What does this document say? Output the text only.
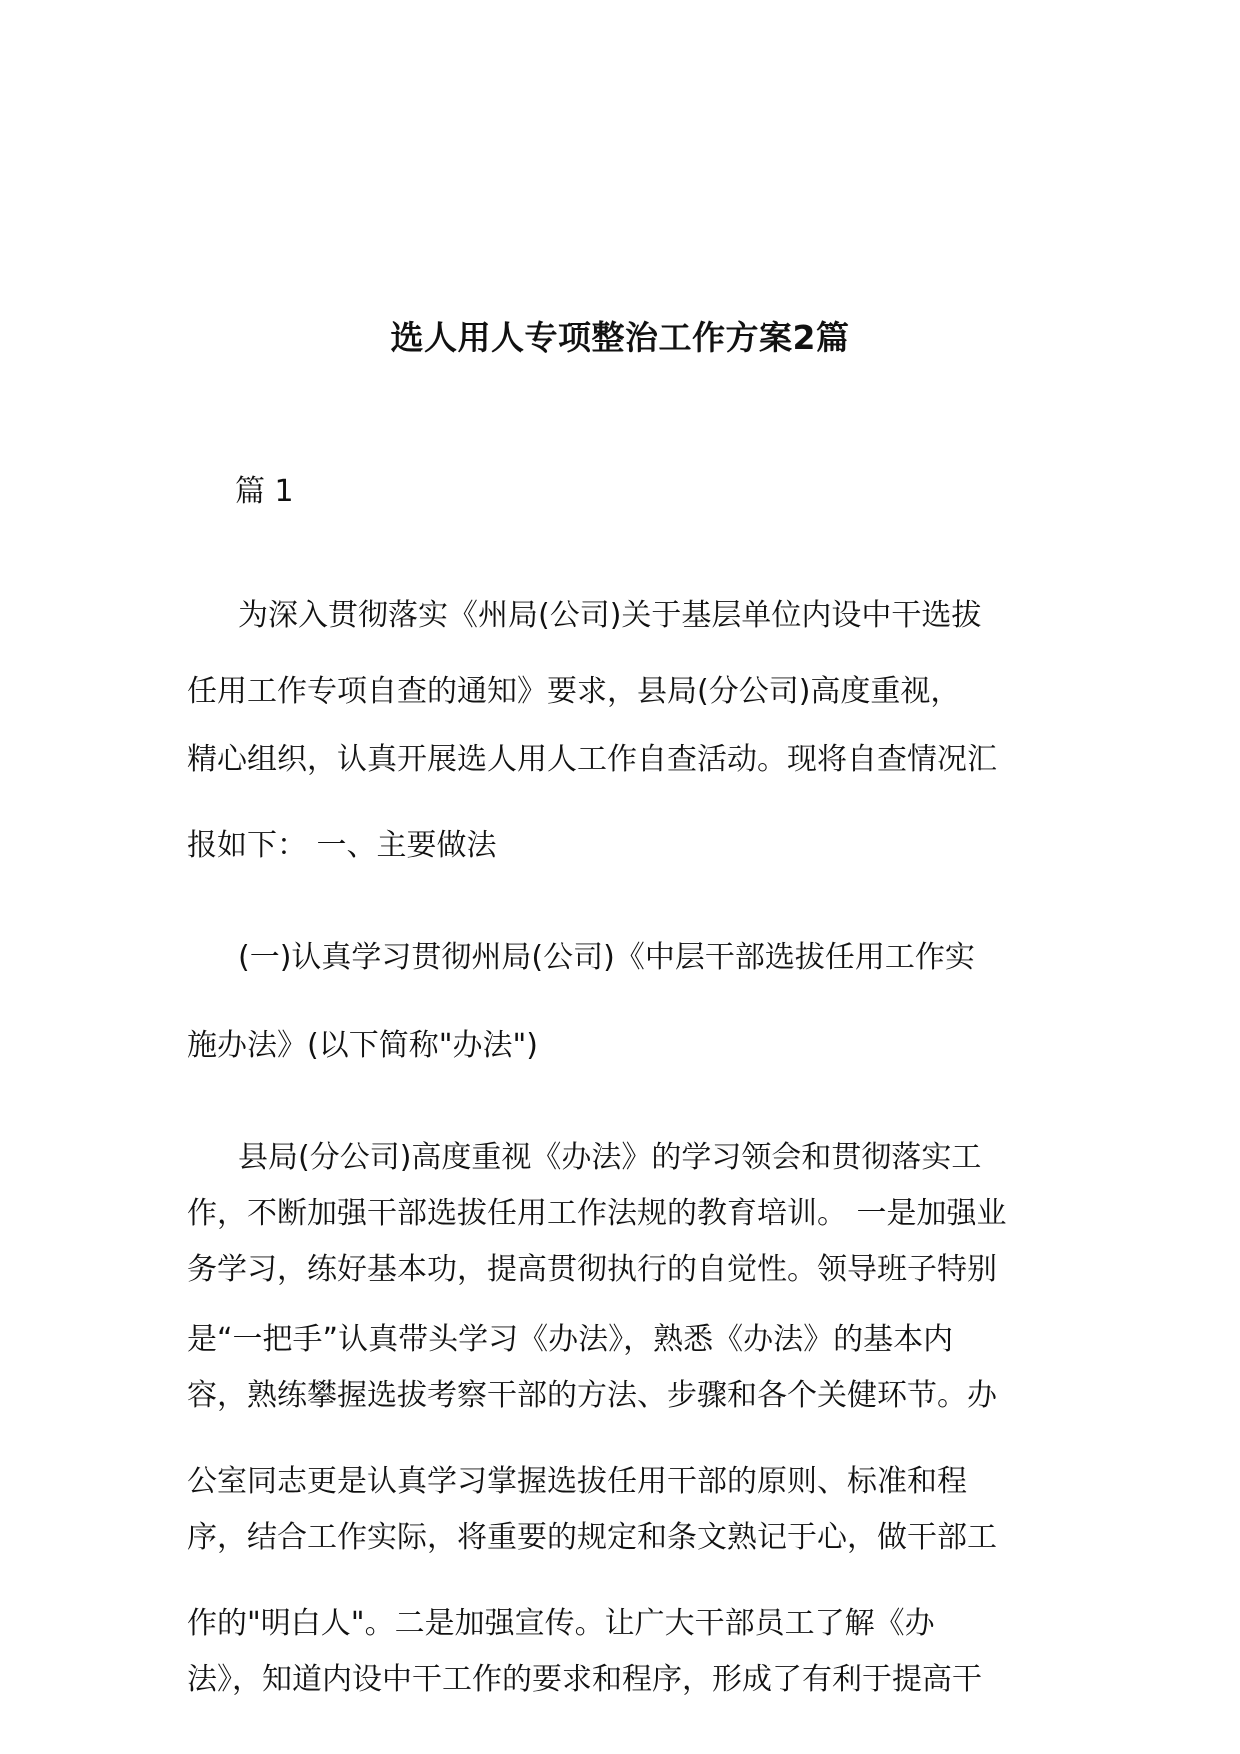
选人用人专项整治工作方案2篇
篇 1
为深入贯彻落实《州局(公司)关于基层单位内设中干选拔
任用工作专项自查的通知》要求，县局(分公司)高度重视，
精心组织，认真开展选人用人工作自查活动。现将自查情况汇
报如下： 一、主要做法
(一)认真学习贯彻州局(公司)《中层干部选拔任用工作实
施办法》(以下简称"办法")
县局(分公司)高度重视《办法》的学习领会和贯彻落实工
作，不断加强干部选拔任用工作法规的教育培训。 一是加强业
务学习，练好基本功，提高贯彻执行的自觉性。领导班子特别
是“一把手”认真带头学习《办法》，熟悉《办法》的基本内
容，熟练攀握选拔考察干部的方法、步骤和各个关健环节。办
公室同志更是认真学习掌握选拔任用干部的原则、标准和程
序，结合工作实际，将重要的规定和条文熟记于心，做干部工
作的"明白人"。二是加强宣传。让广大干部员工了解《办
法》，知道内设中干工作的要求和程序，形成了有利于提高干
